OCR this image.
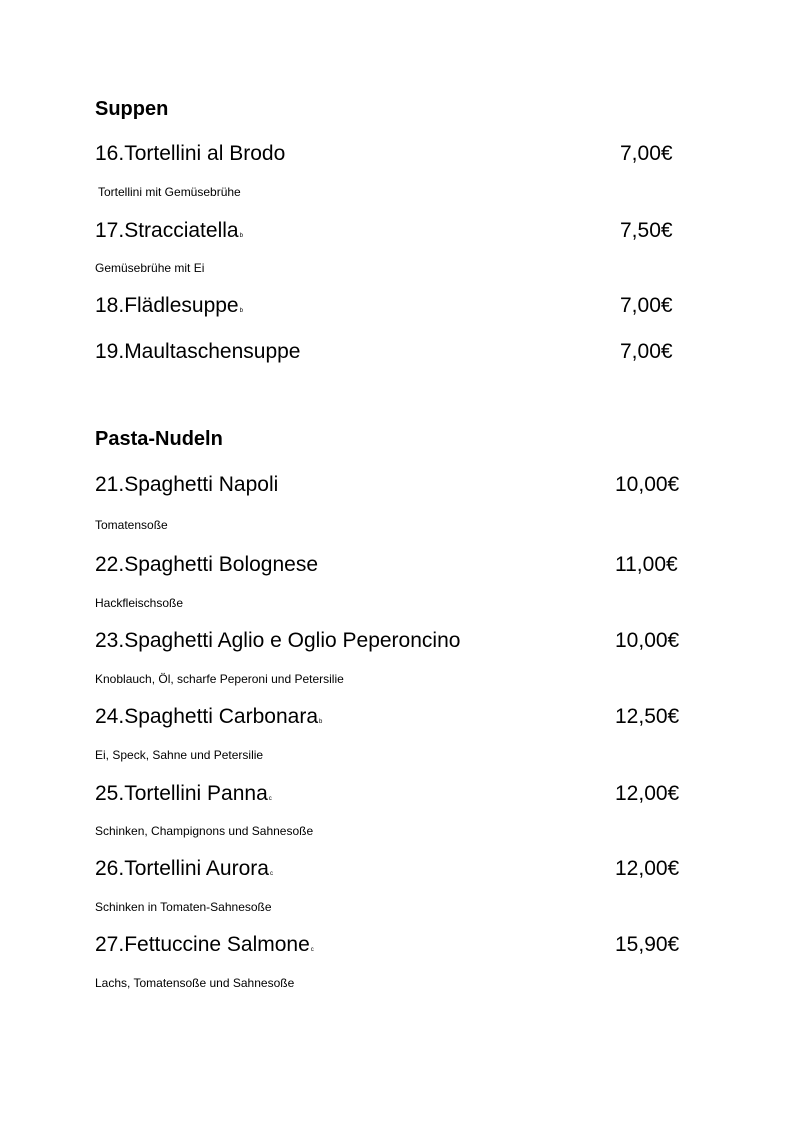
Suppen
16.Tortellini al Brodo	7,00€
Tortellini mit Gemüsebrühe
17.Stracciatellab	7,50€
Gemüsebrühe mit Ei
18.Flädlesuppeb	7,00€
19.Maultaschensuppe	7,00€
Pasta-Nudeln
21.Spaghetti Napoli	10,00€
Tomatensoße
22.Spaghetti Bolognese	11,00€
Hackfleischsoße
23.Spaghetti Aglio e Oglio Peperoncino	10,00€
Knoblauch, Öl, scharfe Peperoni und Petersilie
24.Spaghetti Carbonarab	12,50€
Ei, Speck, Sahne und Petersilie
25.Tortellini Pannac	12,00€
Schinken, Champignons und Sahnesoße
26.Tortellini Aurorac	12,00€
Schinken in Tomaten-Sahnesoße
27.Fettuccine Salmonec	15,90€
Lachs, Tomatensoße und Sahnesoße
